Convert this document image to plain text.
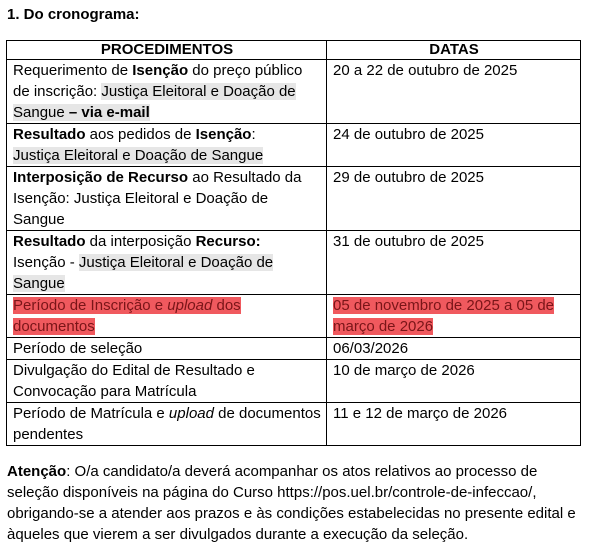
1. Do cronograma:
PROCEDIMENTOS	DATAS
Requerimento de Isenção do preço público de inscrição: Justiça Eleitoral e Doação de Sangue – via e-mail	20 a 22 de outubro de 2025
Resultado aos pedidos de Isenção:
Justiça Eleitoral e Doação de Sangue	24 de outubro de 2025
Interposição de Recurso ao Resultado da Isenção: Justiça Eleitoral e Doação de Sangue	29 de outubro de 2025
Resultado da interposição Recurso:
Isenção - Justiça Eleitoral e Doação de Sangue	31 de outubro de 2025
Período de Inscrição e upload dos documentos	05 de novembro de 2025 a 05 de março de 2026
Período de seleção	06/03/2026
Divulgação do Edital de Resultado e Convocação para Matrícula	10 de março de 2026
Período de Matrícula e upload de documentos pendentes	11 e 12 de março de 2026
Atenção: O/a candidato/a deverá acompanhar os atos relativos ao processo de seleção disponíveis na página do Curso https://pos.uel.br/controle-de-infeccao/, obrigando-se a atender aos prazos e às condições estabelecidas no presente edital e àqueles que vierem a ser divulgados durante a execução da seleção.
